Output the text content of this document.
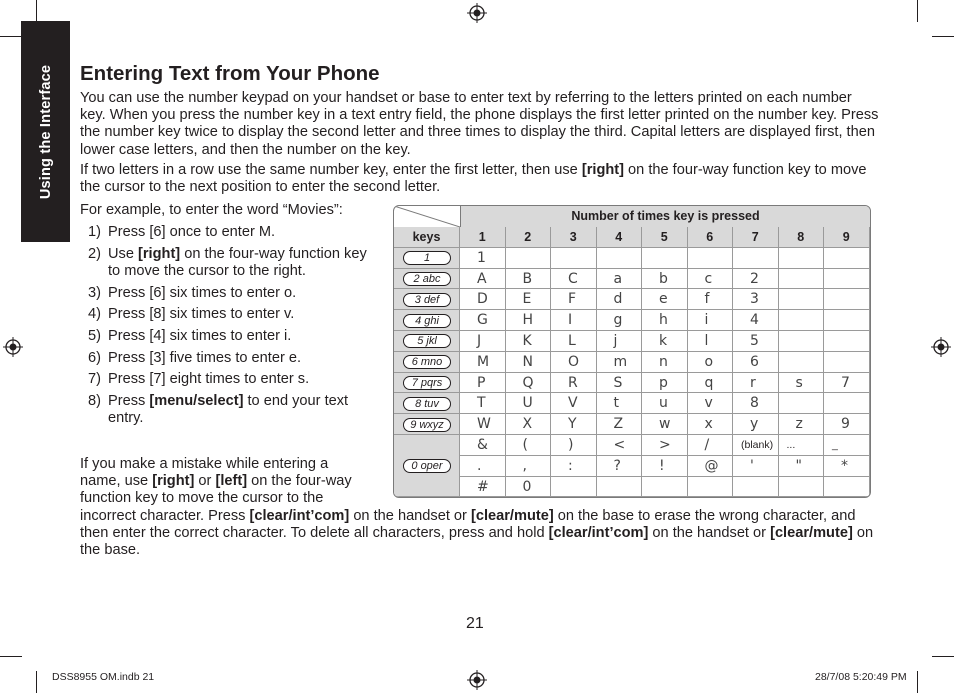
Using the Interface Entering Text from Your Phone

You can use the number keypad on your handset or base to enter text by referring to the letters printed on each number key. When you press the number key in a text entry field, the phone displays the first letter printed on the number key. Press the number key twice to display the second letter and three times to display the third. Capital letters are displayed first, then lower case letters, and then the number on the key.

If two letters in a row use the same number key, enter the first letter, then use [right] on the four-way function key to move the cursor to the next position to enter the second letter.

For example, to enter the word “Movies”:

1) Press [6] once to enter M.
2) Use [right] on the four-way function key to move the cursor to the right.
3) Press [6] six times to enter o.
4) Press [8] six times to enter v.
5) Press [4] six times to enter i.
6) Press [3] five times to enter e.
7) Press [7] eight times to enter s.
8) Press [menu/select] to end your text entry.

If you make a mistake while entering a name, use [right] or [left] on the four-way function key to move the cursor to the

incorrect character. Press [clear/int’com] on the handset or [clear/mute] on the base to erase the wrong character, and then enter the correct character. To delete all characters, press and hold [clear/int’com] on the handset or [clear/mute] on the base.

Number of times key is pressed
keys	1	2	3	4	5	6	7	8	9
1	1
2 abc	A	B	C	a	b	c	2
3 def	D	E	F	d	e	f	3
4 ghi	G	H	I	g	h	i	4
5 jkl	J	K	L	j	k	l	5
6 mno	M	N	O	m	n	o	6
7 pqrs	P	Q	R	S	p	q	r	s	7
8 tuv	T	U	V	t	u	v	8
9 wxyz	W	X	Y	Z	w	x	y	z	9
0 oper
&	(	)	<	>	/	(blank)	...	_
.	,	:	?	!	@	'	"	*
#	0
21
DSS8955 OM.indb 21	28/7/08 5:20:49 PM
